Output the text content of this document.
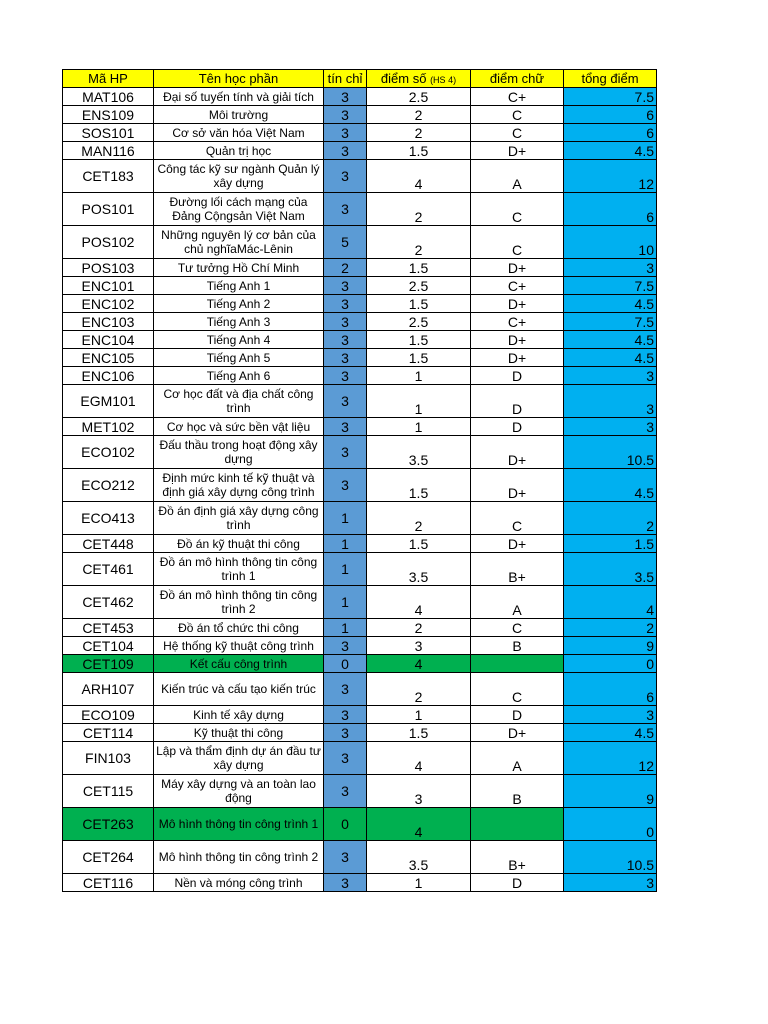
Mã HP	Tên học phần	tín chỉ	điểm số (HS 4)	điểm chữ	tổng điểm
MAT106	Đại số tuyến tính và giải tích	3	2.5	C+	7.5
ENS109	Môi trường	3	2	C	6
SOS101	Cơ sở văn hóa Việt Nam	3	2	C	6
MAN116	Quản trị học	3	1.5	D+	4.5
CET183	Công tác kỹ sư ngành Quản lý xây dựng	3	4	A	12
POS101	Đường lối cách mạng của Đảng Cộngsản Việt Nam	3	2	C	6
POS102	Những nguyên lý cơ bản của chủ nghĩaMác-Lênin	5	2	C	10
POS103	Tư tưởng Hồ Chí Minh	2	1.5	D+	3
ENC101	Tiếng Anh 1	3	2.5	C+	7.5
ENC102	Tiếng Anh 2	3	1.5	D+	4.5
ENC103	Tiếng Anh 3	3	2.5	C+	7.5
ENC104	Tiếng Anh 4	3	1.5	D+	4.5
ENC105	Tiếng Anh 5	3	1.5	D+	4.5
ENC106	Tiếng Anh 6	3	1	D	3
EGM101	Cơ học đất và địa chất công trình	3	1	D	3
MET102	Cơ học và sức bền vật liệu	3	1	D	3
ECO102	Đấu thầu trong hoạt động xây dựng	3	3.5	D+	10.5
ECO212	Định mức kinh tế kỹ thuật và định giá xây dựng công trình	3	1.5	D+	4.5
ECO413	Đồ án định giá xây dựng công trình	1	2	C	2
CET448	Đồ án kỹ thuật thi công	1	1.5	D+	1.5
CET461	Đồ án mô hình thông tin công trình 1	1	3.5	B+	3.5
CET462	Đồ án mô hình thông tin công trình 2	1	4	A	4
CET453	Đồ án tổ chức thi công	1	2	C	2
CET104	Hệ thống kỹ thuật công trình	3	3	B	9
CET109	Kết cấu công trình	0	4		0
ARH107	Kiến trúc và cấu tạo kiến trúc	3	2	C	6
ECO109	Kinh tế xây dựng	3	1	D	3
CET114	Kỹ thuật thi công	3	1.5	D+	4.5
FIN103	Lập và thẩm định dự án đầu tư xây dựng	3	4	A	12
CET115	Máy xây dựng và an toàn lao động	3	3	B	9
CET263	Mô hình thông tin công trình 1	0	4		0
CET264	Mô hình thông tin công trình 2	3	3.5	B+	10.5
CET116	Nền và móng công trình	3	1	D	3
